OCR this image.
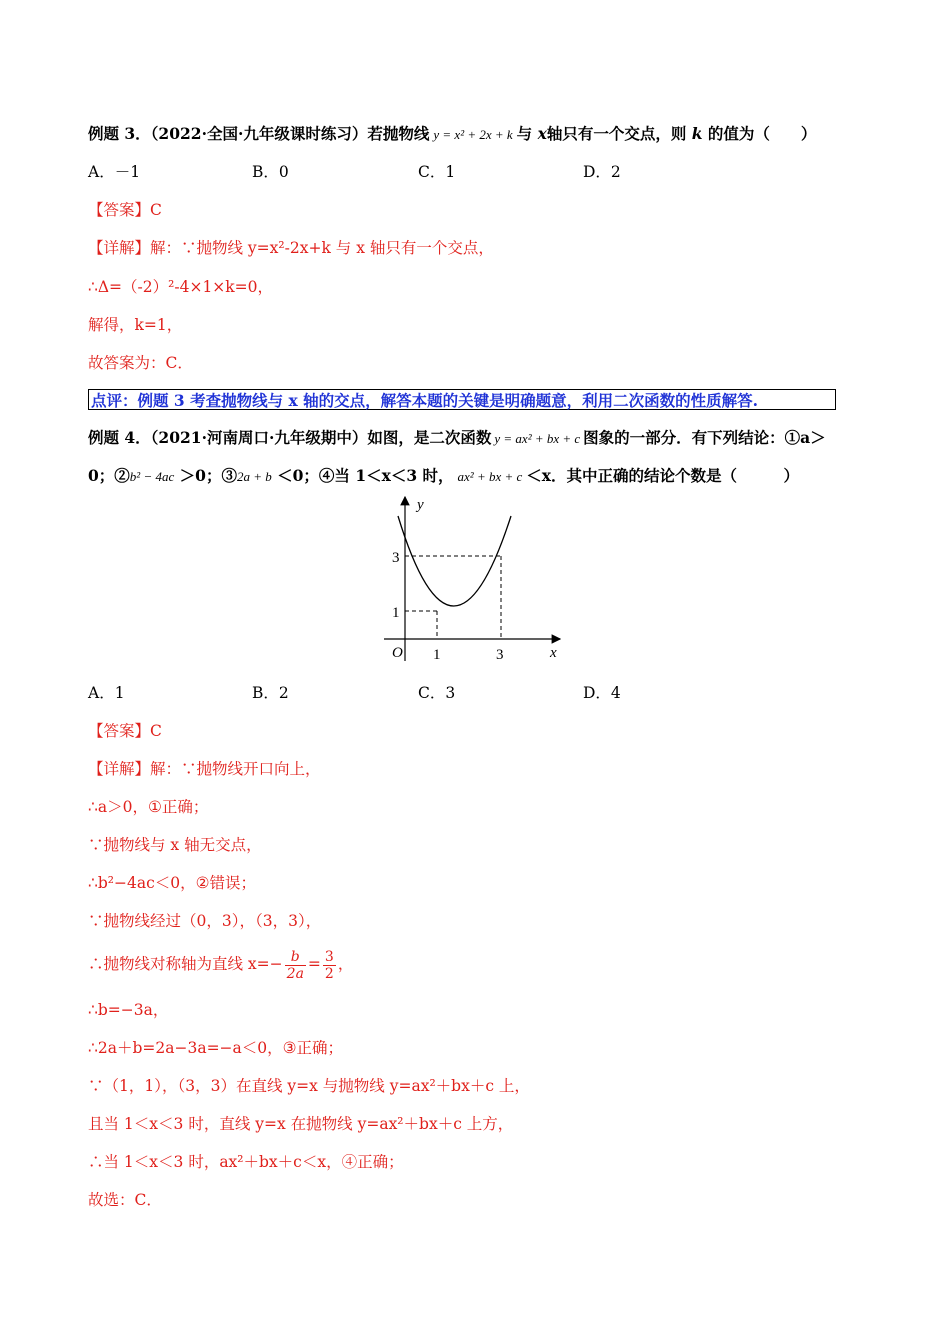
例题 3．（2022·全国·九年级课时练习）若抛物线 y = x² + 2x + k 与 x轴只有一个交点，则 k 的值为（　　）
A．－1	B．0	C．1	D．2
【答案】C
【详解】解：∵抛物线 y=x²-2x+k 与 x 轴只有一个交点，
∴Δ=（-2）²-4×1×k=0，
解得，k=1，
故答案为：C．
点评：例题 3 考查抛物线与 x 轴的交点，解答本题的关键是明确题意，利用二次函数的性质解答.
例题 4．（2021·河南周口·九年级期中）如图，是二次函数 y = ax² + bx + c 图象的一部分．有下列结论：①a＞
0；②b² − 4ac ＞0；③2a + b ＜0；④当 1＜x＜3 时， ax² + bx + c ＜x．其中正确的结论个数是（　　　）
y
x
O
3
1
1	3
A．1	B．2	C．3	D．4
【答案】C
【详解】解：∵抛物线开口向上，
∴a＞0，①正确；
∵抛物线与 x 轴无交点，
∴b²−4ac＜0，②错误；
∵抛物线经过（0，3），（3，3），
∴抛物线对称轴为直线 $x=- \frac{b}{2a} = \frac{3}{2}$ ，
∴b=−3a，
∴2a＋b=2a−3a=−a＜0，③正确；
∵（1，1），（3，3）在直线 y=x 与抛物线 y=ax²＋bx＋c 上，
且当 1＜x＜3 时，直线 y=x 在抛物线 y=ax²＋bx＋c 上方，
∴当 1＜x＜3 时，ax²＋bx＋c＜x，④正确；
故选：C．
